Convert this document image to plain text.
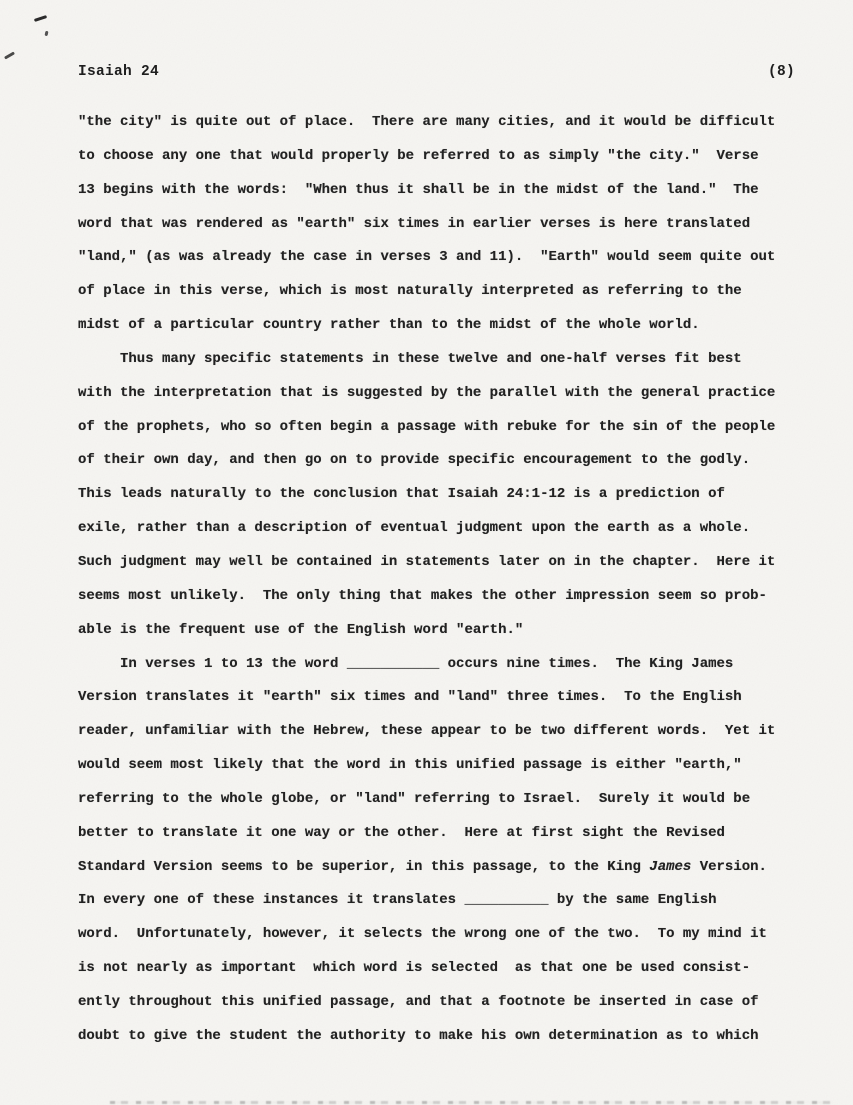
Isaiah 24	(8)
"the city" is quite out of place.  There are many cities, and it would be difficult
to choose any one that would properly be referred to as simply "the city."  Verse
13 begins with the words:  "When thus it shall be in the midst of the land."  The
word that was rendered as "earth" six times in earlier verses is here translated
"land," (as was already the case in verses 3 and 11).  "Earth" would seem quite out
of place in this verse, which is most naturally interpreted as referring to the
midst of a particular country rather than to the midst of the whole world.
Thus many specific statements in these twelve and one-half verses fit best
with the interpretation that is suggested by the parallel with the general practice
of the prophets, who so often begin a passage with rebuke for the sin of the people
of their own day, and then go on to provide specific encouragement to the godly.
This leads naturally to the conclusion that Isaiah 24:1-12 is a prediction of
exile, rather than a description of eventual judgment upon the earth as a whole.
Such judgment may well be contained in statements later on in the chapter.  Here it
seems most unlikely.  The only thing that makes the other impression seem so prob-
able is the frequent use of the English word "earth."
In verses 1 to 13 the word ___________ occurs nine times.  The King James
Version translates it "earth" six times and "land" three times.  To the English
reader, unfamiliar with the Hebrew, these appear to be two different words.  Yet it
would seem most likely that the word in this unified passage is either "earth,"
referring to the whole globe, or "land" referring to Israel.  Surely it would be
better to translate it one way or the other.  Here at first sight the Revised
Standard Version seems to be superior, in this passage, to the King James Version.
In every one of these instances it translates __________ by the same English
word.  Unfortunately, however, it selects the wrong one of the two.  To my mind it
is not nearly as important  which word is selected  as that one be used consist-
ently throughout this unified passage, and that a footnote be inserted in case of
doubt to give the student the authority to make his own determination as to which
